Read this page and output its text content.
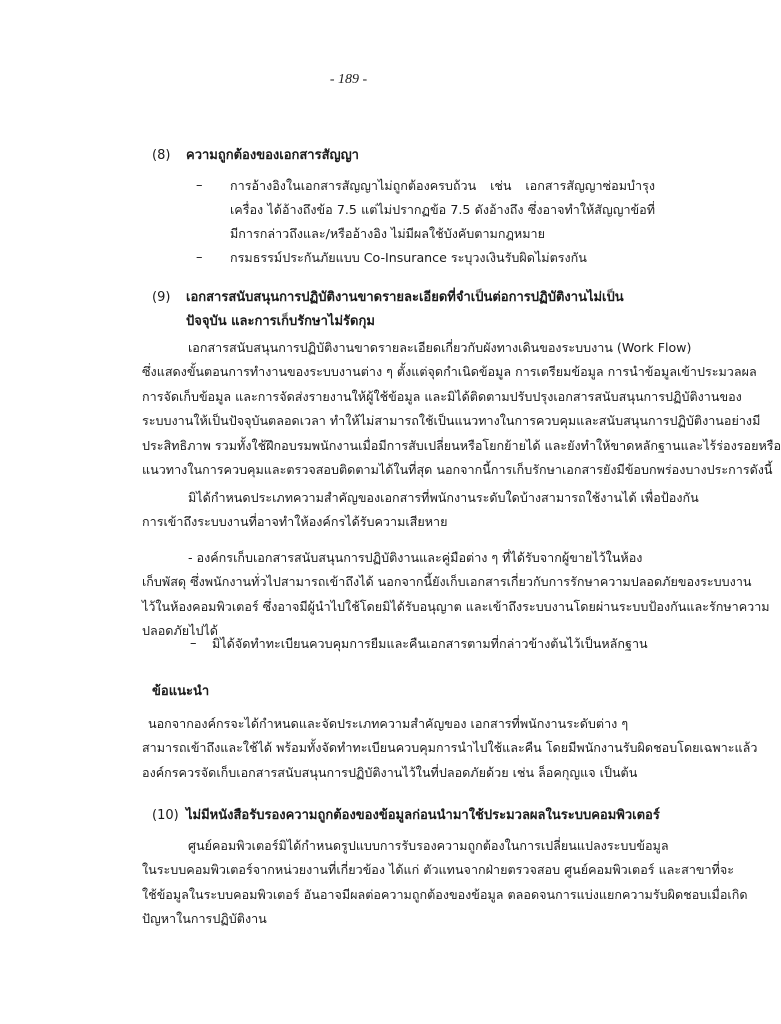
- 189 -
(8) ความถูกต้องของเอกสารสัญญา
– การอ้างอิงในเอกสารสัญญาไม่ถูกต้องครบถ้วน เช่น เอกสารสัญญาซ่อมบำรุงเครื่อง ได้อ้างถึงข้อ 7.5 แต่ไม่ปรากฏข้อ 7.5 ดังอ้างถึง ซึ่งอาจทำให้สัญญาข้อที่มีการกล่าวถึงและ/หรืออ้างอิง ไม่มีผลใช้บังคับตามกฎหมาย
– กรมธรรม์ประกันภัยแบบ Co-Insurance ระบุวงเงินรับผิดไม่ตรงกัน
(9) เอกสารสนับสนุนการปฏิบัติงานขาดรายละเอียดที่จำเป็นต่อการปฏิบัติงานไม่เป็น
ปัจจุบัน และการเก็บรักษาไม่รัดกุม
เอกสารสนับสนุนการปฏิบัติงานขาดรายละเอียดเกี่ยวกับผังทางเดินของระบบงาน (Work Flow)
ซึ่งแสดงขั้นตอนการทำงานของระบบงานต่าง ๆ ตั้งแต่จุดกำเนิดข้อมูล การเตรียมข้อมูล การนำข้อมูลเข้าประมวลผล
การจัดเก็บข้อมูล และการจัดส่งรายงานให้ผู้ใช้ข้อมูล และมิได้ติดตามปรับปรุงเอกสารสนับสนุนการปฏิบัติงานของ
ระบบงานให้เป็นปัจจุบันตลอดเวลา ทำให้ไม่สามารถใช้เป็นแนวทางในการควบคุมและสนับสนุนการปฏิบัติงานอย่างมี
ประสิทธิภาพ รวมทั้งใช้ฝึกอบรมพนักงานเมื่อมีการสับเปลี่ยนหรือโยกย้ายได้ และยังทำให้ขาดหลักฐานและไร้ร่องรอยหรือ
แนวทางในการควบคุมและตรวจสอบติดตามได้ในที่สุด นอกจากนี้การเก็บรักษาเอกสารยังมีข้อบกพร่องบางประการดังนี้
มิได้กำหนดประเภทความสำคัญของเอกสารที่พนักงานระดับใดบ้างสามารถใช้งานได้ เพื่อป้องกัน
การเข้าถึงระบบงานที่อาจทำให้องค์กรได้รับความเสียหาย
- องค์กรเก็บเอกสารสนับสนุนการปฏิบัติงานและคู่มือต่าง ๆ ที่ได้รับจากผู้ขายไว้ในห้อง
เก็บพัสดุ ซึ่งพนักงานทั่วไปสามารถเข้าถึงได้ นอกจากนี้ยังเก็บเอกสารเกี่ยวกับการรักษาความปลอดภัยของระบบงาน
ไว้ในห้องคอมพิวเตอร์ ซึ่งอาจมีผู้นำไปใช้โดยมิได้รับอนุญาต และเข้าถึงระบบงานโดยผ่านระบบป้องกันและรักษาความ
ปลอดภัยไปได้
– มิได้จัดทำทะเบียนควบคุมการยืมและคืนเอกสารตามที่กล่าวข้างต้นไว้เป็นหลักฐาน
ข้อแนะนำ
นอกจากองค์กรจะได้กำหนดและจัดประเภทความสำคัญของ เอกสารที่พนักงานระดับต่าง ๆ
สามารถเข้าถึงและใช้ได้ พร้อมทั้งจัดทำทะเบียนควบคุมการนำไปใช้และคืน โดยมีพนักงานรับผิดชอบโดยเฉพาะแล้ว
องค์กรควรจัดเก็บเอกสารสนับสนุนการปฏิบัติงานไว้ในที่ปลอดภัยด้วย เช่น ล็อคกุญแจ เป็นต้น
(10) ไม่มีหนังสือรับรองความถูกต้องของข้อมูลก่อนนำมาใช้ประมวลผลในระบบคอมพิวเตอร์
ศูนย์คอมพิวเตอร์มิได้กำหนดรูปแบบการรับรองความถูกต้องในการเปลี่ยนแปลงระบบข้อมูล
ในระบบคอมพิวเตอร์จากหน่วยงานที่เกี่ยวข้อง ได้แก่ ตัวแทนจากฝ่ายตรวจสอบ ศูนย์คอมพิวเตอร์ และสาขาที่จะ
ใช้ข้อมูลในระบบคอมพิวเตอร์ อันอาจมีผลต่อความถูกต้องของข้อมูล ตลอดจนการแบ่งแยกความรับผิดชอบเมื่อเกิด
ปัญหาในการปฏิบัติงาน
